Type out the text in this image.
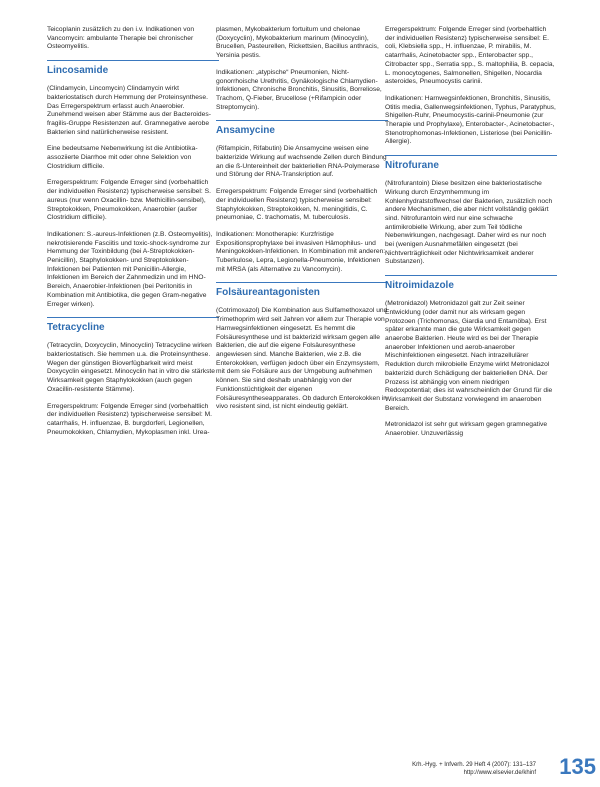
Teicoplanin zusätzlich zu den i.v. Indikationen von Vancomycin: ambulante Therapie bei chronischer Osteomyelitis.

Lincosamide

(Clindamycin, Lincomycin) Clindamycin wirkt bakteriostatisch durch Hemmung der Proteinsynthese. Das Erregerspektrum erfasst auch Anaerobier. Zunehmend weisen aber Stämme aus der Bacteroides-fragilis-Gruppe Resistenzen auf. Gramnegative aerobe Bakterien sind natürlicherweise resistent.

Eine bedeutsame Nebenwirkung ist die Antibiotika-assoziierte Diarrhoe mit oder ohne Selektion von Clostridium difficile.

Erregerspektrum: Folgende Erreger sind (vorbehaltlich der individuellen Resistenz) typischerweise sensibel: S. aureus (nur wenn Oxacillin- bzw. Methicillin-sensibel), Streptokokken, Pneumokokken, Anaerobier (außer Clostridium difficile).

Indikationen: S.-aureus-Infektionen (z.B. Osteomyelitis), nekrotisierende Fasciitis und toxic-shock-syndrome zur Hemmung der Toxinbildung (bei A-Streptokokken-Penicillin), Staphylokokken- und Streptokokken-Infektionen bei Patienten mit Penicillin-Allergie, Infektionen im Bereich der Zahnmedizin und im HNO-Bereich, Anaerobier-Infektionen (bei Peritonitis in Kombination mit Antibiotika, die gegen Gram-negative Erreger wirken).

Tetracycline

(Tetracyclin, Doxycyclin, Minocyclin) Tetracycline wirken bakteriostatisch. Sie hemmen u.a. die Proteinsynthese. Wegen der günstigen Bioverfügbarkeit wird meist Doxycyclin eingesetzt. Minocyclin hat in vitro die stärkste Wirksamkeit gegen Staphylokokken (auch gegen Oxacillin-resistente Stämme).

Erregerspektrum: Folgende Erreger sind (vorbehaltlich der individuellen Resistenz) typischerweise sensibel: M. catarrhalis, H. influenzae, B. burgdorferi, Legionellen, Pneumokokken, Chlamydien, Mykoplasmen inkl. Urea-

plasmen, Mykobakterium fortuitum und chelonae (Doxycyclin), Mykobakterium marinum (Minocyclin), Brucellen, Pasteurellen, Rickettsien, Bacillus anthracis, Yersinia pestis.

Indikationen: „atypische“ Pneumonien, Nicht-gonorrhoische Urethritis, Gynäkologische Chlamydien-Infektionen, Chronische Bronchitis, Sinusitis, Borreliose, Trachom, Q-Fieber, Brucellose (+Rifampicin oder Streptomycin).

Ansamycine

(Rifampicin, Rifabutin) Die Ansamycine weisen eine bakterizide Wirkung auf wachsende Zellen durch Bindung an die ß-Untereinheit der bakteriellen RNA-Polymerase und Störung der RNA-Transkription auf.

Erregerspektrum: Folgende Erreger sind (vorbehaltlich der individuellen Resistenz) typischerweise sensibel: Staphylokokken, Streptokokken, N. meningitidis, C. pneumoniae, C. trachomatis, M. tuberculosis.

Indikationen: Monotherapie: Kurzfristige Expositionsprophylaxe bei invasiven Hämophilus- und Meningokokken-Infektionen. In Kombination mit anderen: Tuberkulose, Lepra, Legionella-Pneumonie, Infektionen mit MRSA (als Alternative zu Vancomycin).

Folsäureantagonisten

(Cotrimoxazol) Die Kombination aus Sulfamethoxazol und Trimethoprim wird seit Jahren vor allem zur Therapie von Harnwegsinfektionen eingesetzt. Es hemmt die Folsäuresynthese und ist bakterizid wirksam gegen alle Bakterien, die auf die eigene Folsäuresynthese angewiesen sind. Manche Bakterien, wie z.B. die Enterokokken, verfügen jedoch über ein Enzymsystem, mit dem sie Folsäure aus der Umgebung aufnehmen können. Sie sind deshalb unabhängig von der Funktionstüchtigkeit der eigenen Folsäuresyntheseapparates. Ob dadurch Enterokokken in vivo resistent sind, ist nicht eindeutig geklärt.

Erregerspektrum: Folgende Erreger sind (vorbehaltlich der individuellen Resistenz) typischerweise sensibel: E. coli, Klebsiella spp., H. influenzae, P. mirabilis, M. catarrhalis, Acinetobacter spp., Enterobacter spp., Citrobacter spp., Serratia spp., S. maltophilia, B. cepacia, L. monocytogenes, Salmonellen, Shigellen, Nocardia asteroides, Pneumocystis carinii.

Indikationen: Harnwegsinfektionen, Bronchitis, Sinusitis, Otitis media, Gallenwegsinfektionen, Typhus, Paratyphus, Shigellen-Ruhr, Pneumocystis-carinii-Pneumonie (zur Therapie und Prophylaxe), Enterobacter-, Acinetobacter-, Stenotrophomonas-Infektionen, Listeriose (bei Penicillin-Allergie).

Nitrofurane

(Nitrofurantoin) Diese besitzen eine bakteriostatische Wirkung durch Enzymhemmung im Kohlenhydratstoffwechsel der Bakterien, zusätzlich noch andere Mechanismen, die aber nicht vollständig geklärt sind. Nitrofurantoin wird nur eine schwache antimikrobielle Wirkung, aber zum Teil tödliche Nebenwirkungen, nachgesagt. Daher wird es nur noch bei (wenigen Ausnahmefällen eingesetzt (bei Nichtverträglichkeit oder Nichtwirksamkeit anderer Substanzen).

Nitroimidazole

(Metronidazol) Metronidazol galt zur Zeit seiner Entwicklung (oder damit nur als wirksam gegen Protozoen (Trichomonas, Giardia und Entamöba). Erst später erkannte man die gute Wirksamkeit gegen anaerobe Bakterien. Heute wird es bei der Therapie anaerober Infektionen und aerob-anaerober Mischinfektionen eingesetzt. Nach intrazellulärer Reduktion durch mikrobielle Enzyme wirkt Metronidazol bakterizid durch Schädigung der bakteriellen DNA. Der Prozess ist abhängig von einem niedrigen Redoxpotential; dies ist wahrscheinlich der Grund für die Wirksamkeit der Substanz vorwiegend im anaeroben Bereich.

Metronidazol ist sehr gut wirksam gegen gramnegative Anaerobier. Unzuverlässig

Krh.-Hyg. + Infverh. 29 Heft 4 (2007): 131–137
http://www.elsevier.de/khinf 135
